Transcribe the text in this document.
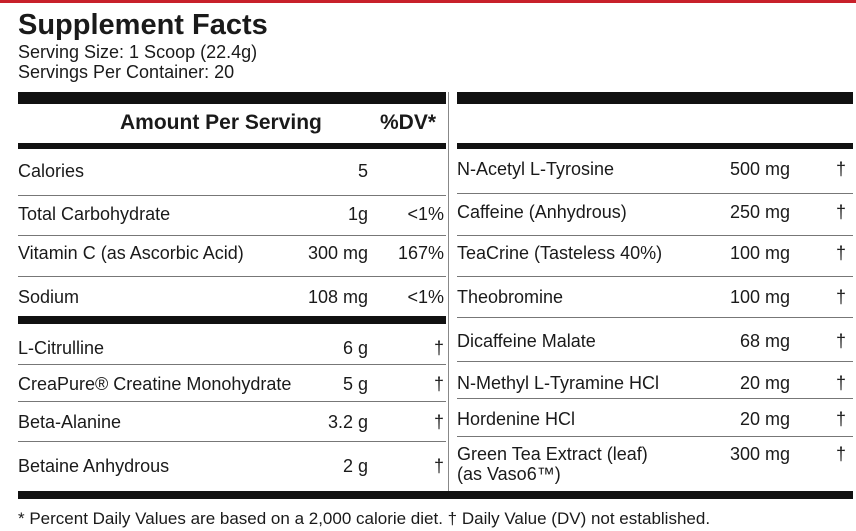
Supplement Facts
Serving Size: 1 Scoop (22.4g)
Servings Per Container: 20
Amount Per Serving	%DV*
Calories	5
Total Carbohydrate	1g	<1%
Vitamin C (as Ascorbic Acid)	300 mg	167%
Sodium	108 mg	<1%
L-Citrulline	6 g	†
CreaPure® Creatine Monohydrate	5 g	†
Beta-Alanine	3.2 g	†
Betaine Anhydrous	2 g	†
N-Acetyl L-Tyrosine	500 mg	†
Caffeine (Anhydrous)	250 mg	†
TeaCrine (Tasteless 40%)	100 mg	†
Theobromine	100 mg	†
Dicaffeine Malate	68 mg	†
N-Methyl L-Tyramine HCl	20 mg	†
Hordenine HCl	20 mg	†
Green Tea Extract (leaf)
(as Vaso6™)
300 mg	†
* Percent Daily Values are based on a 2,000 calorie diet. † Daily Value (DV) not established.
